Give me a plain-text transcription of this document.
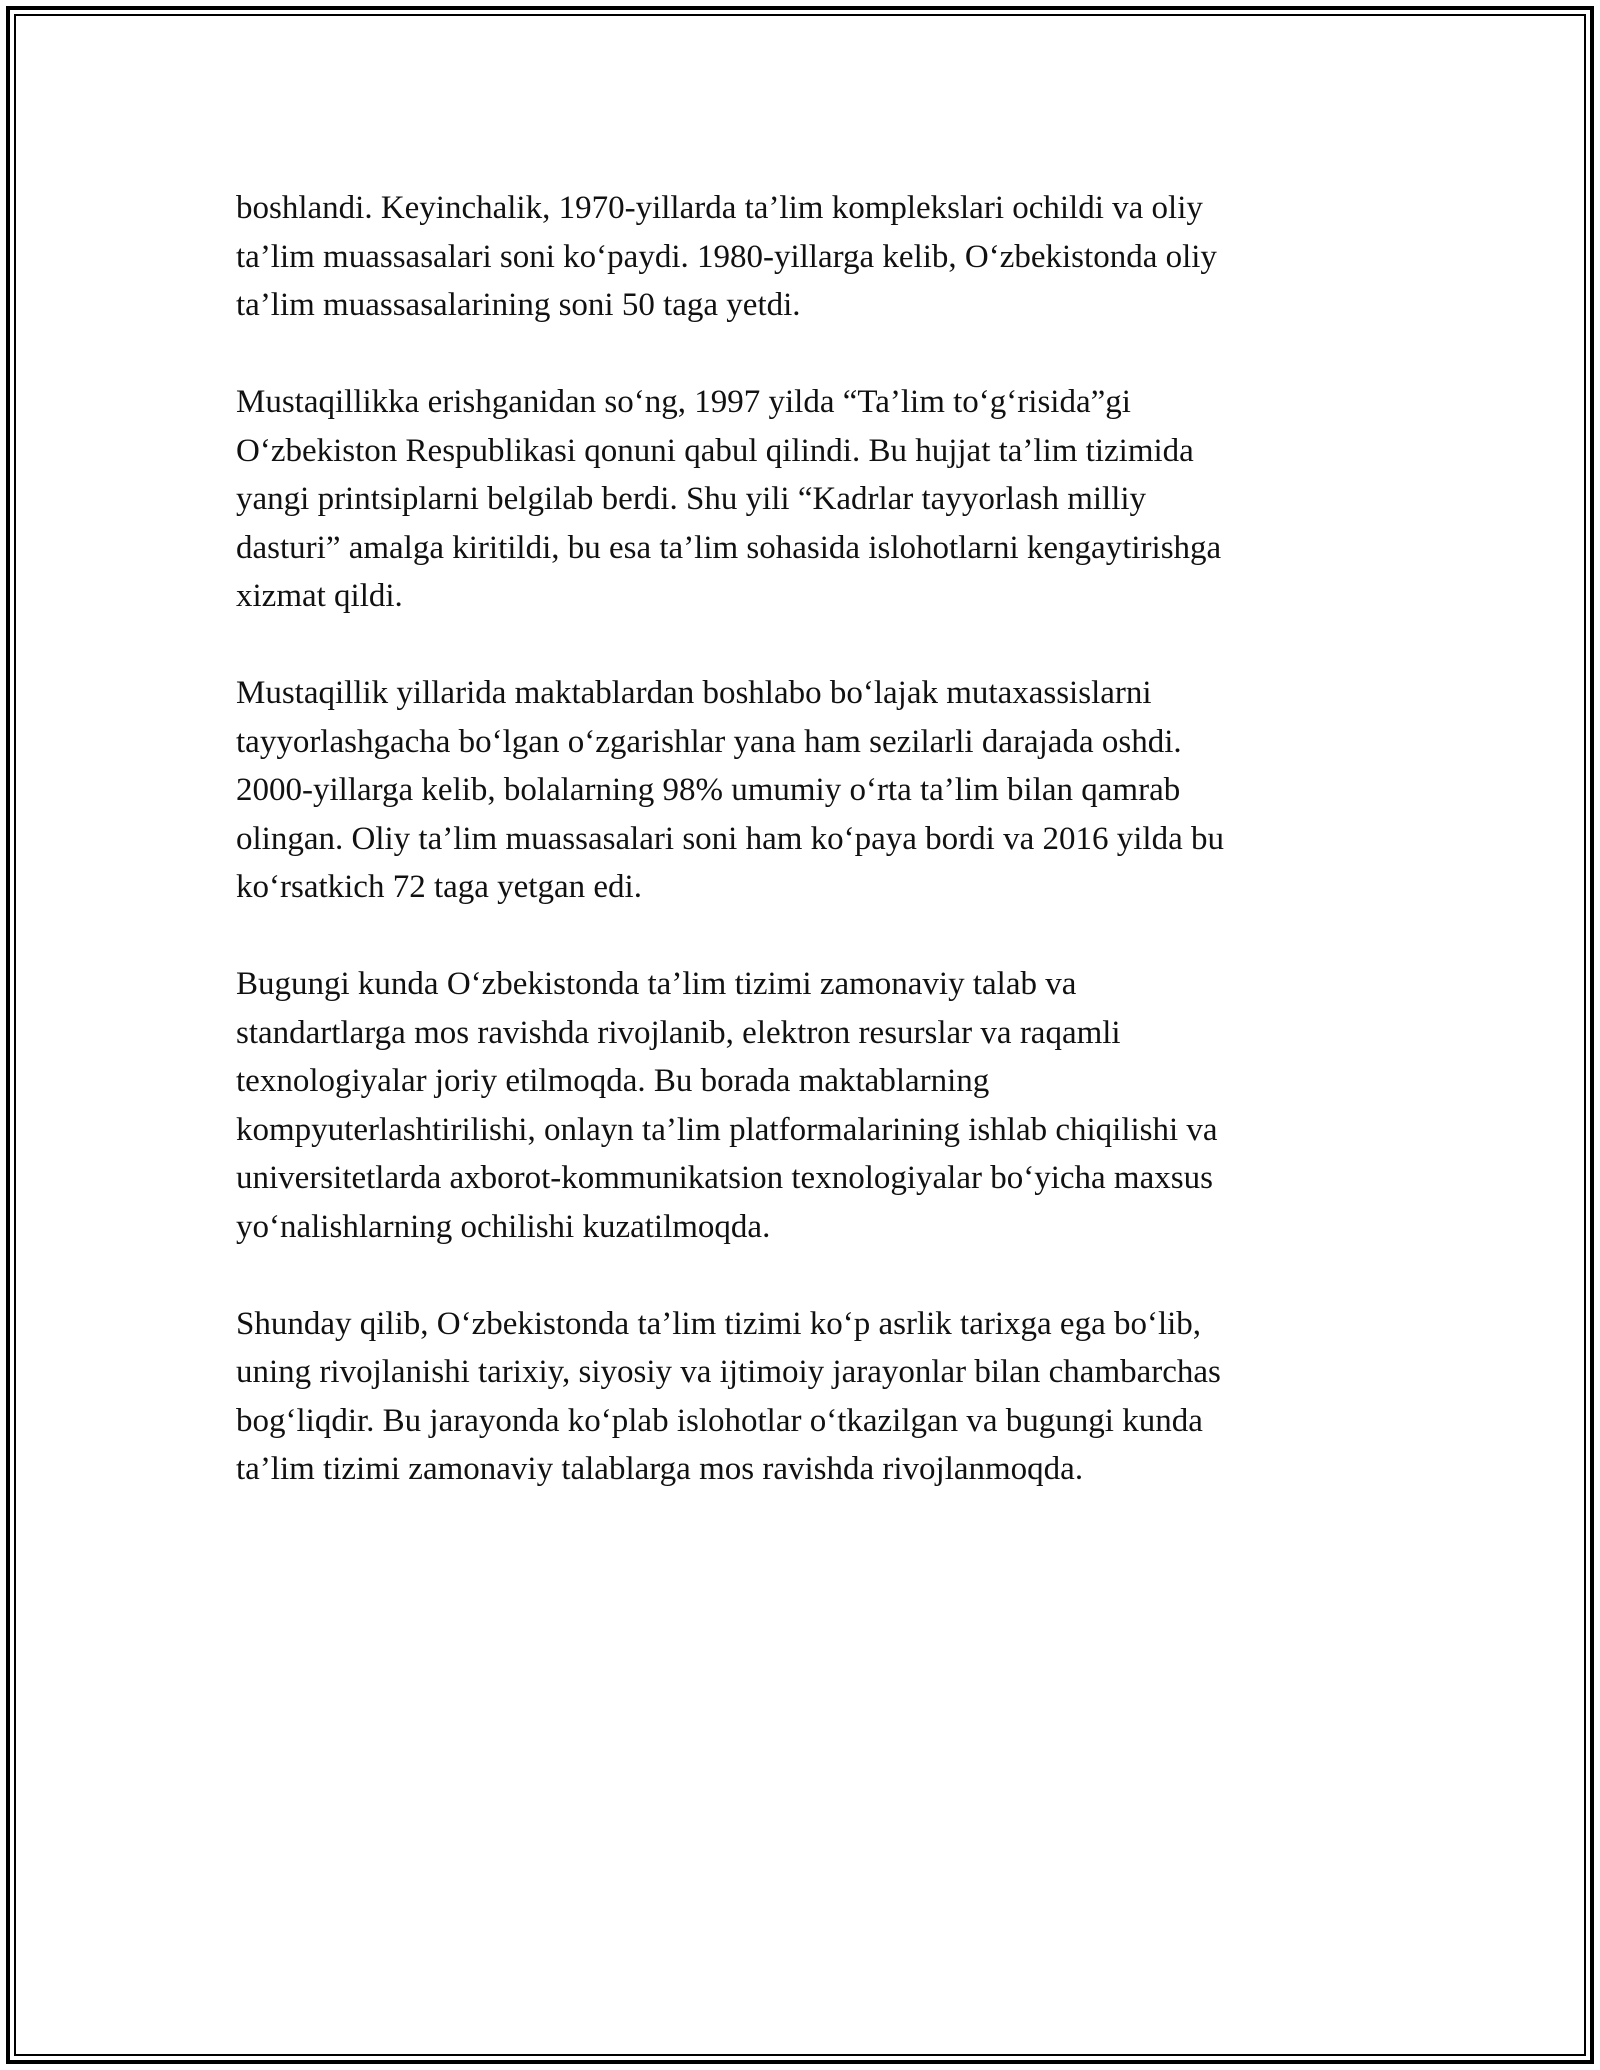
boshlandi. Keyinchalik, 1970-yillarda ta’lim komplekslari ochildi va oliy
ta’lim muassasalari soni koʻpaydi. 1980-yillarga kelib, Oʻzbekistonda oliy
ta’lim muassasalarining soni 50 taga yetdi.

Mustaqillikka erishganidan soʻng, 1997 yilda “Ta’lim toʻgʻrisida”gi
Oʻzbekiston Respublikasi qonuni qabul qilindi. Bu hujjat ta’lim tizimida
yangi printsiplarni belgilab berdi. Shu yili “Kadrlar tayyorlash milliy
dasturi” amalga kiritildi, bu esa ta’lim sohasida islohotlarni kengaytirishga
xizmat qildi.

Mustaqillik yillarida maktablardan boshlabo boʻlajak mutaxassislarni
tayyorlashgacha boʻlgan oʻzgarishlar yana ham sezilarli darajada oshdi.
2000-yillarga kelib, bolalarning 98% umumiy oʻrta ta’lim bilan qamrab
olingan. Oliy ta’lim muassasalari soni ham koʻpaya bordi va 2016 yilda bu
koʻrsatkich 72 taga yetgan edi.

Bugungi kunda Oʻzbekistonda ta’lim tizimi zamonaviy talab va
standartlarga mos ravishda rivojlanib, elektron resurslar va raqamli
texnologiyalar joriy etilmoqda. Bu borada maktablarning
kompyuterlashtirilishi, onlayn ta’lim platformalarining ishlab chiqilishi va
universitetlarda axborot-kommunikatsion texnologiyalar boʻyicha maxsus
yoʻnalishlarning ochilishi kuzatilmoqda.

Shunday qilib, Oʻzbekistonda ta’lim tizimi koʻp asrlik tarixga ega boʻlib,
uning rivojlanishi tarixiy, siyosiy va ijtimoiy jarayonlar bilan chambarchas
bogʻliqdir. Bu jarayonda koʻplab islohotlar oʻtkazilgan va bugungi kunda
ta’lim tizimi zamonaviy talablarga mos ravishda rivojlanmoqda.
